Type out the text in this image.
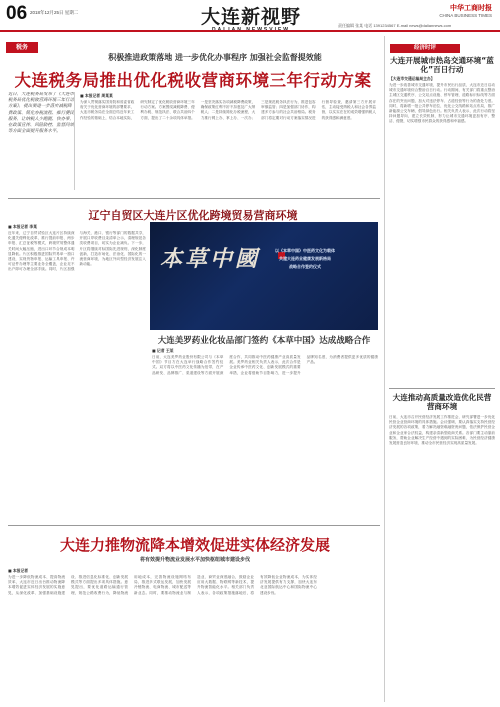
06 2018年12月25日 星期二	大连新视野	中华工商时报
CHINA BUSINESS TIMES
责任编辑 张某 电话 1391234567 E-mail news@daliannews.com
税务
积极推进政策落地 进一步优化办事程序 加强社会监督提效能
大连税务局推出优化税收营商环境三年行动方案
近日，大连税务局发布了《大连市税务局优化税收营商环境三年行动方案》，提出要进一步落实减税降费政策、简化办税流程、推行便民服务，让纳税人少跑腿、快办事，在政策宣传、风险防控、监督问效等方面全面提升服务水平。
■ 本报记者 周某某
为深入贯彻落实国务院和省委省政府关于优化营商环境的部署要求，大连市税务局在全面总结近年来工作经验的基础上，结合本地实际，研究制定了优化税收营商环境三年行动方案。方案围绕减税降费、便利办税、规范执法、联合共治四个方面，提出了二十余项具体举措。一是坚决落实各项减税降费政策，确保政策红利不折不扣惠及广大纳税人；二是持续简化办税流程，大力推行网上办、掌上办、一次办；三是规范税务执法行为，推进包容审慎监管；四是加强部门协作，构建多方参与的社会共治格局。税务部门将定期对行动方案落实情况进行督导检查，邀请第三方开展评估，主动接受纳税人和社会各界监督，以实实在在的成效增强纳税人的获得感和满意度。
辽宁自贸区大连片区优化跨境贸易营商环境
■ 本报记者 李某
近年来，辽宁自贸试验区大连片区持续深化通关便利化改革，推行提前申报、两步申报、汇总征税等模式，跨境贸易整体通关时间大幅压缩，进出口环节合规成本明显降低。片区积极推进国际贸易单一窗口建设，实现货物申报、运输工具申报、许可证件办理等主要业务全覆盖，企业足不出户即可办理全部手续。同时，片区加强与海关、港口、银行等部门的数据共享，开展口岸收费目录清单公示，清理规范各类收费项目，切实为企业减负。下一步，片区将继续对标国际先进规则，深化制度创新，打造市场化、法治化、国际化的一流营商环境，为地区外向型经济发展注入新动能。	本草中國	以《本草中国》中医药文化为载体
共建大连药业健康发展新格局
战略合作签约仪式
大连美罗药业化妆品部门签约《本草中国》达成战略合作
■ 记者 王某
日前，大连美罗药业股份有限公司与《本草中国》节目方在大连举行战略合作签约仪式。双方将以中医药文化传播为纽带，在产品研发、品牌推广、渠道建设等方面开展深度合作，共同推动中医药健康产业高质量发展。美罗药业相关负责人表示，此次合作是企业传承中医药文化、创新发展模式的重要举措，企业将借助节目影响力，进一步提升品牌知名度，为消费者提供更多优质的健康产品。
大连力推物流降本增效促进实体经济发展
将有效提升物流业发展水平加快枢纽城市建设步伐
■ 本报记者
为进一步降低物流成本、提高物流效率，大连市近日出台推动物流降本增效促进实体经济发展的实施意见，从深化改革、加强基础设施建设、推进信息化标准化、创新发展模式等方面提出多项具体措施。意见提出，要优化道路运输通行管理，规范公路收费行为，降低物流用地成本，完善物流设施网络布局，推进多式联运发展，加快发展冷链物流、电商物流、城市配送等新业态。同时，要推动物流业与制造业、商贸业深度融合，鼓励企业应用大数据、物联网等新技术，提升物流智能化水平。相关部门负责人表示，各项政策措施落地后，将有效降低企业物流成本，为实体经济发展提供有力支撑，加快大连东北亚国际航运中心和国际物流中心建设步伐。
经济时评
大连开展城市热岛交通环境“蓝化”百日行动
【大连市交通运输局主办】
为进一步改善城市交通环境，提升市民出行品质，大连市近日启动城市交通环境综合整治百日行动。行动期间，有关部门将重点整治主城区交通秩序、公交站点设施、停车管理、道路标识标线等方面存在的突出问题，加大对违法停车、占道经营等行为的查处力度。同时，将新增一批公共停车泊位，优化公交线路和站点布局，推广新能源公交车辆，倡导绿色出行。相关负责人表示，此次行动将坚持问题导向，建立长效机制，努力让城市交通环境更加有序、整洁、便捷，切实增强市民群众的获得感和幸福感。
大连推动高质量改造优化民营营商环境
日前，大连市召开民营经济发展工作推进会，研究部署进一步优化民营企业营商环境的具体措施。会议强调，要认真落实支持民营经济发展的各项政策，着力解决融资难融资贵问题，依法保护民营企业和企业家合法权益，构建亲清新型政商关系。各部门要主动靠前服务，帮助企业解决生产经营中遇到的实际困难，为民营经济健康发展营造良好环境，推动全市民营经济实现高质量发展。
